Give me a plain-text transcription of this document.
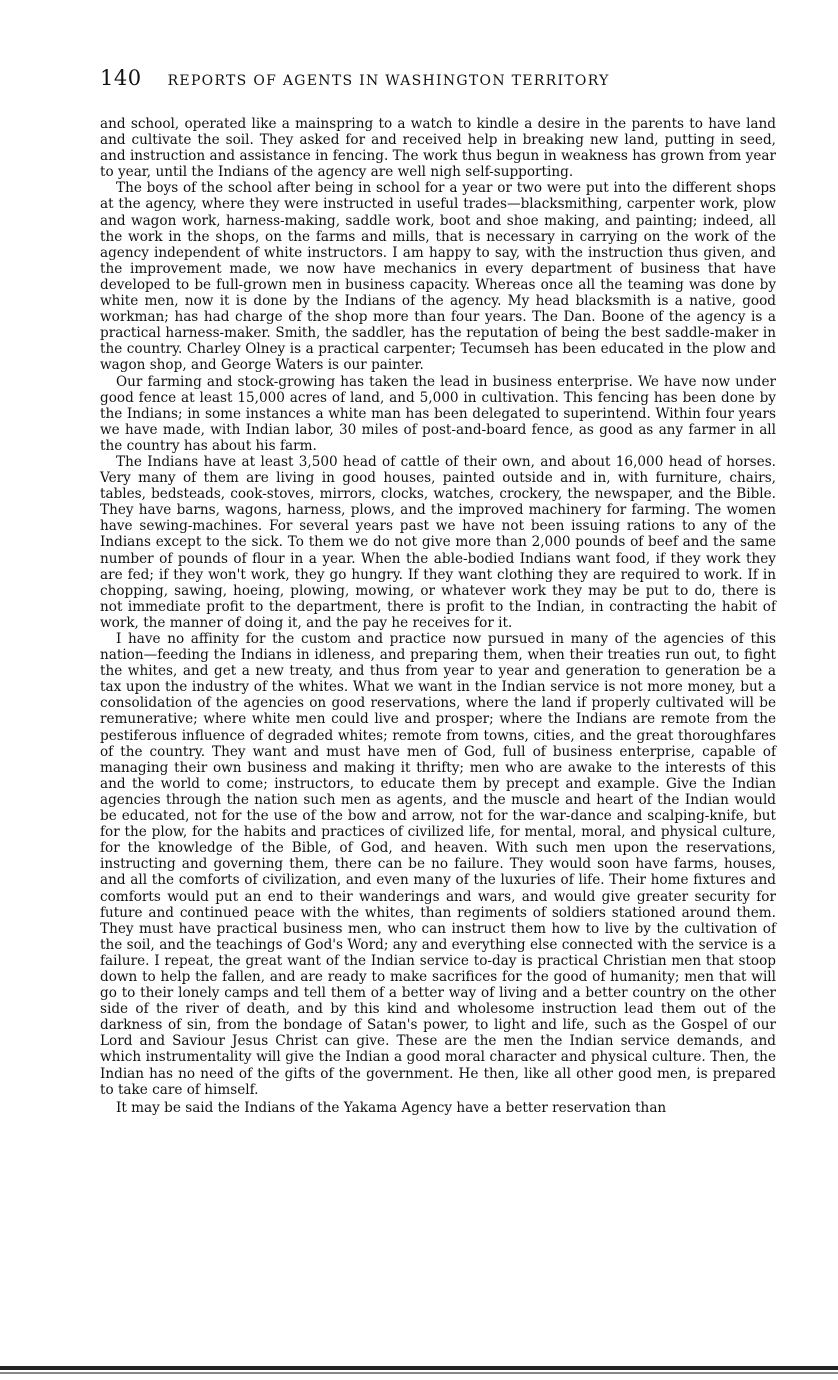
140 REPORTS OF AGENTS IN WASHINGTON TERRITORY

and school, operated like a mainspring to a watch to kindle a desire in the parents to have land and cultivate the soil. They asked for and received help in breaking new land, putting in seed, and instruction and assistance in fencing. The work thus begun in weakness has grown from year to year, until the Indians of the agency are well nigh self-supporting.

The boys of the school after being in school for a year or two were put into the different shops at the agency, where they were instructed in useful trades—blacksmithing, carpenter work, plow and wagon work, harness-making, saddle work, boot and shoe making, and painting; indeed, all the work in the shops, on the farms and mills, that is necessary in carrying on the work of the agency independent of white instructors. I am happy to say, with the instruction thus given, and the improvement made, we now have mechanics in every department of business that have developed to be full-grown men in business capacity. Whereas once all the teaming was done by white men, now it is done by the Indians of the agency. My head blacksmith is a native, good workman; has had charge of the shop more than four years. The Dan. Boone of the agency is a practical harness-maker. Smith, the saddler, has the reputation of being the best saddle-maker in the country. Charley Olney is a practical carpenter; Tecumseh has been educated in the plow and wagon shop, and George Waters is our painter.

Our farming and stock-growing has taken the lead in business enterprise. We have now under good fence at least 15,000 acres of land, and 5,000 in cultivation. This fencing has been done by the Indians; in some instances a white man has been delegated to superintend. Within four years we have made, with Indian labor, 30 miles of post-and-board fence, as good as any farmer in all the country has about his farm.

The Indians have at least 3,500 head of cattle of their own, and about 16,000 head of horses. Very many of them are living in good houses, painted outside and in, with furniture, chairs, tables, bedsteads, cook-stoves, mirrors, clocks, watches, crockery, the newspaper, and the Bible. They have barns, wagons, harness, plows, and the improved machinery for farming. The women have sewing-machines. For several years past we have not been issuing rations to any of the Indians except to the sick. To them we do not give more than 2,000 pounds of beef and the same number of pounds of flour in a year. When the able-bodied Indians want food, if they work they are fed; if they won't work, they go hungry. If they want clothing they are required to work. If in chopping, sawing, hoeing, plowing, mowing, or whatever work they may be put to do, there is not immediate profit to the department, there is profit to the Indian, in contracting the habit of work, the manner of doing it, and the pay he receives for it.

I have no affinity for the custom and practice now pursued in many of the agencies of this nation—feeding the Indians in idleness, and preparing them, when their treaties run out, to fight the whites, and get a new treaty, and thus from year to year and generation to generation be a tax upon the industry of the whites. What we want in the Indian service is not more money, but a consolidation of the agencies on good reservations, where the land if properly cultivated will be remunerative; where white men could live and prosper; where the Indians are remote from the pestiferous influence of degraded whites; remote from towns, cities, and the great thoroughfares of the country. They want and must have men of God, full of business enterprise, capable of managing their own business and making it thrifty; men who are awake to the interests of this and the world to come; instructors, to educate them by precept and example. Give the Indian agencies through the nation such men as agents, and the muscle and heart of the Indian would be educated, not for the use of the bow and arrow, not for the war-dance and scalping-knife, but for the plow, for the habits and practices of civilized life, for mental, moral, and physical culture, for the knowledge of the Bible, of God, and heaven. With such men upon the reservations, instructing and governing them, there can be no failure. They would soon have farms, houses, and all the comforts of civilization, and even many of the luxuries of life. Their home fixtures and comforts would put an end to their wanderings and wars, and would give greater security for future and continued peace with the whites, than regiments of soldiers stationed around them. They must have practical business men, who can instruct them how to live by the cultivation of the soil, and the teachings of God's Word; any and everything else connected with the service is a failure. I repeat, the great want of the Indian service to-day is practical Christian men that stoop down to help the fallen, and are ready to make sacrifices for the good of humanity; men that will go to their lonely camps and tell them of a better way of living and a better country on the other side of the river of death, and by this kind and wholesome instruction lead them out of the darkness of sin, from the bondage of Satan's power, to light and life, such as the Gospel of our Lord and Saviour Jesus Christ can give. These are the men the Indian service demands, and which instrumentality will give the Indian a good moral character and physical culture. Then, the Indian has no need of the gifts of the government. He then, like all other good men, is prepared to take care of himself.

It may be said the Indians of the Yakama Agency have a better reservation than
